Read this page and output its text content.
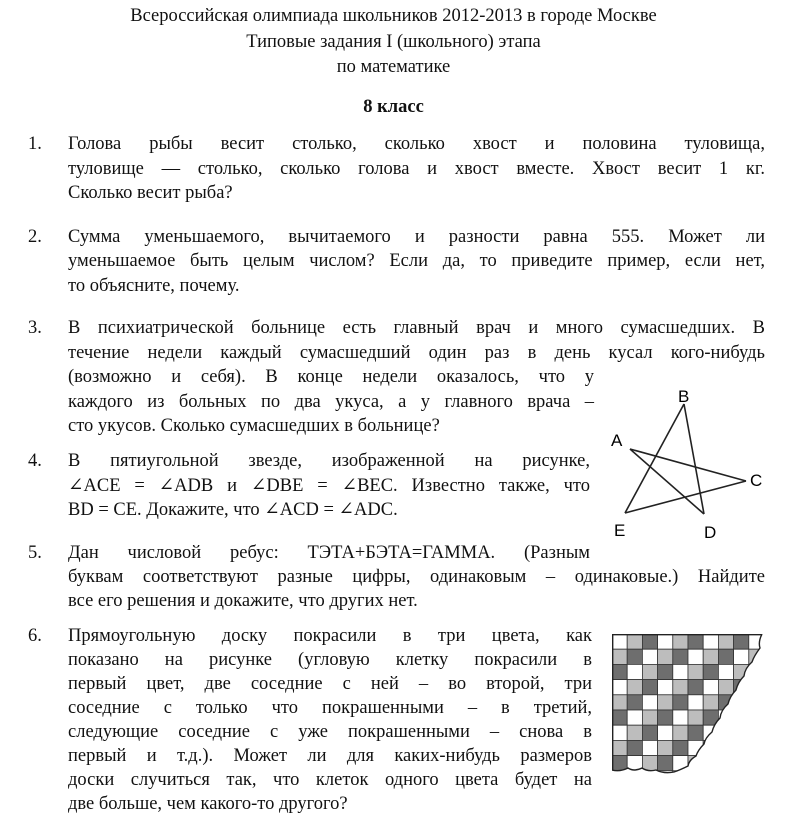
Всероссийская олимпиада школьников 2012-2013 в городе Москве
Типовые задания I (школьного) этапа
по математике
8 класс
1. Голова рыбы весит столько, сколько хвост и половина туловища,
туловище — столько, сколько голова и хвост вместе. Хвост весит 1 кг.
Сколько весит рыба?
2. Сумма уменьшаемого, вычитаемого и разности равна 555. Может ли
уменьшаемое быть целым числом? Если да, то приведите пример, если нет,
то объясните, почему.
3. В психиатрической больнице есть главный врач и много сумасшедших. В
течение недели каждый сумасшедший один раз в день кусал кого-нибудь
(возможно и себя). В конце недели оказалось, что у
каждого из больных по два укуса, а у главного врача –
сто укусов. Сколько сумасшедших в больнице?
4. В пятиугольной звезде, изображенной на рисунке,
∠ACE = ∠ADB и ∠DBE = ∠BEC. Известно также, что
BD = CE. Докажите, что ∠ACD = ∠ADC.
A
B
C
D
E
5. Дан числовой ребус: ТЭТА+БЭТА=ГАММА. (Разным
буквам соответствуют разные цифры, одинаковым – одинаковые.) Найдите
все его решения и докажите, что других нет.
6. Прямоугольную доску покрасили в три цвета, как
показано на рисунке (угловую клетку покрасили в
первый цвет, две соседние с ней – во второй, три
соседние с только что покрашенными – в третий,
следующие соседние с уже покрашенными – снова в
первый и т.д.). Может ли для каких-нибудь размеров
доски случиться так, что клеток одного цвета будет на
две больше, чем какого-то другого?
